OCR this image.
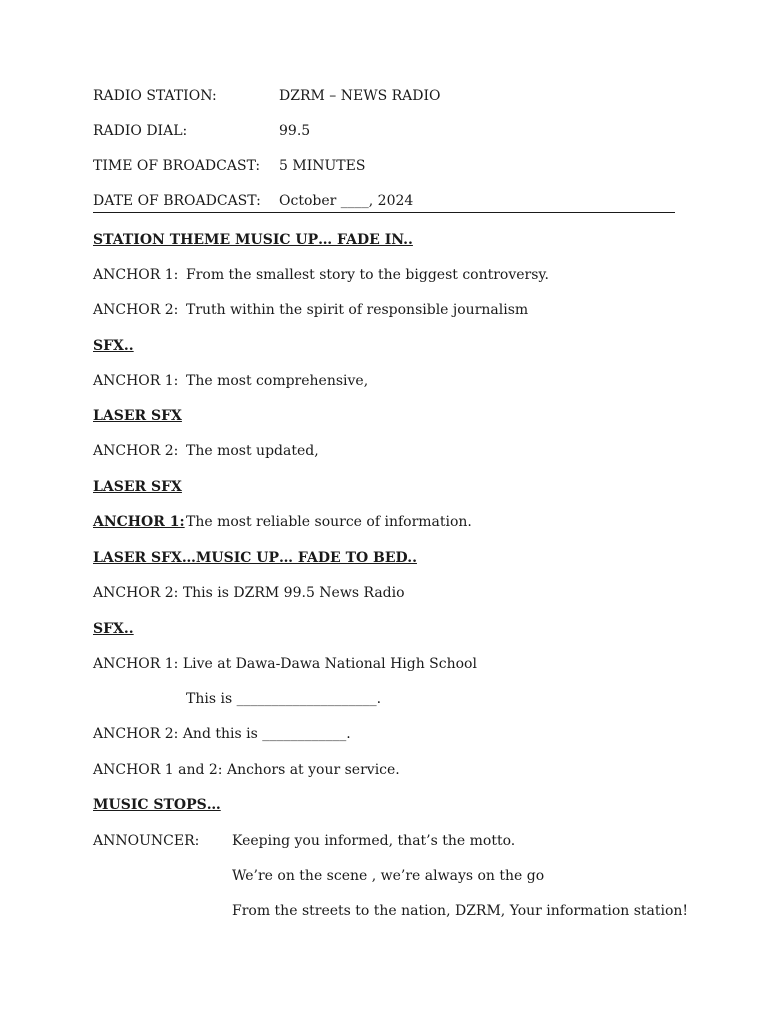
RADIO STATION:	DZRM – NEWS RADIO
RADIO DIAL:	99.5
TIME OF BROADCAST: 5 MINUTES
DATE OF BROADCAST: October ____, 2024
STATION THEME MUSIC UP… FADE IN..
ANCHOR 1: From the smallest story to the biggest controversy.
ANCHOR 2: Truth within the spirit of responsible journalism
SFX..
ANCHOR 1: The most comprehensive,
LASER SFX
ANCHOR 2: The most updated,
LASER SFX
ANCHOR 1: The most reliable source of information.
LASER SFX…MUSIC UP… FADE TO BED..
ANCHOR 2: This is DZRM 99.5 News Radio
SFX..
ANCHOR 1: Live at Dawa-Dawa National High School
This is ____________________.
ANCHOR 2: And this is ____________.
ANCHOR 1 and 2: Anchors at your service.
MUSIC STOPS…
ANNOUNCER: Keeping you informed, that’s the motto.
We’re on the scene , we’re always on the go
From the streets to the nation, DZRM, Your information station!
